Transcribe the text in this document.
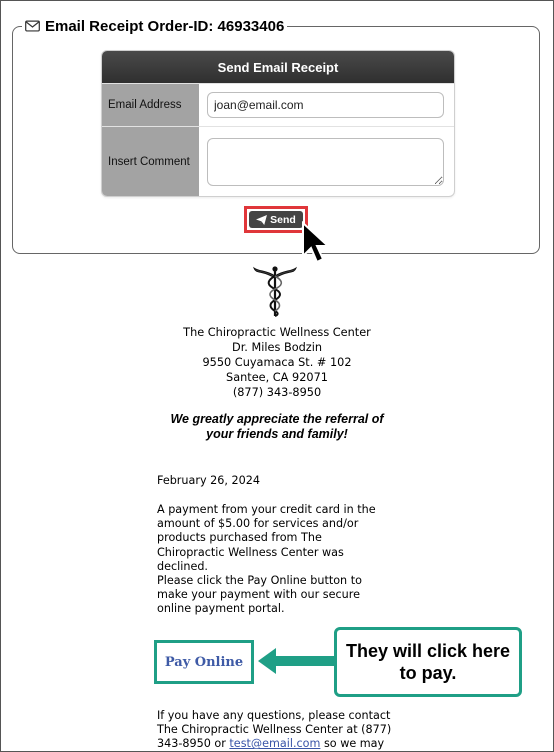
Email Receipt Order-ID: 46933406
Send Email Receipt
Email Address
joan@email.com
Insert Comment
Send
The Chiropractic Wellness Center
Dr. Miles Bodzin
9550 Cuyamaca St. # 102
Santee, CA 92071
(877) 343-8950
We greatly appreciate the referral of
your friends and family!
February 26, 2024
A payment from your credit card in the amount of $5.00 for services and/or products purchased from The Chiropractic Wellness Center was declined.
Please click the Pay Online button to make your payment with our secure online payment portal.
Pay Online
They will click here to pay.
If you have any questions, please contact The Chiropractic Wellness Center at (877) 343-8950 or test@email.com so we may
